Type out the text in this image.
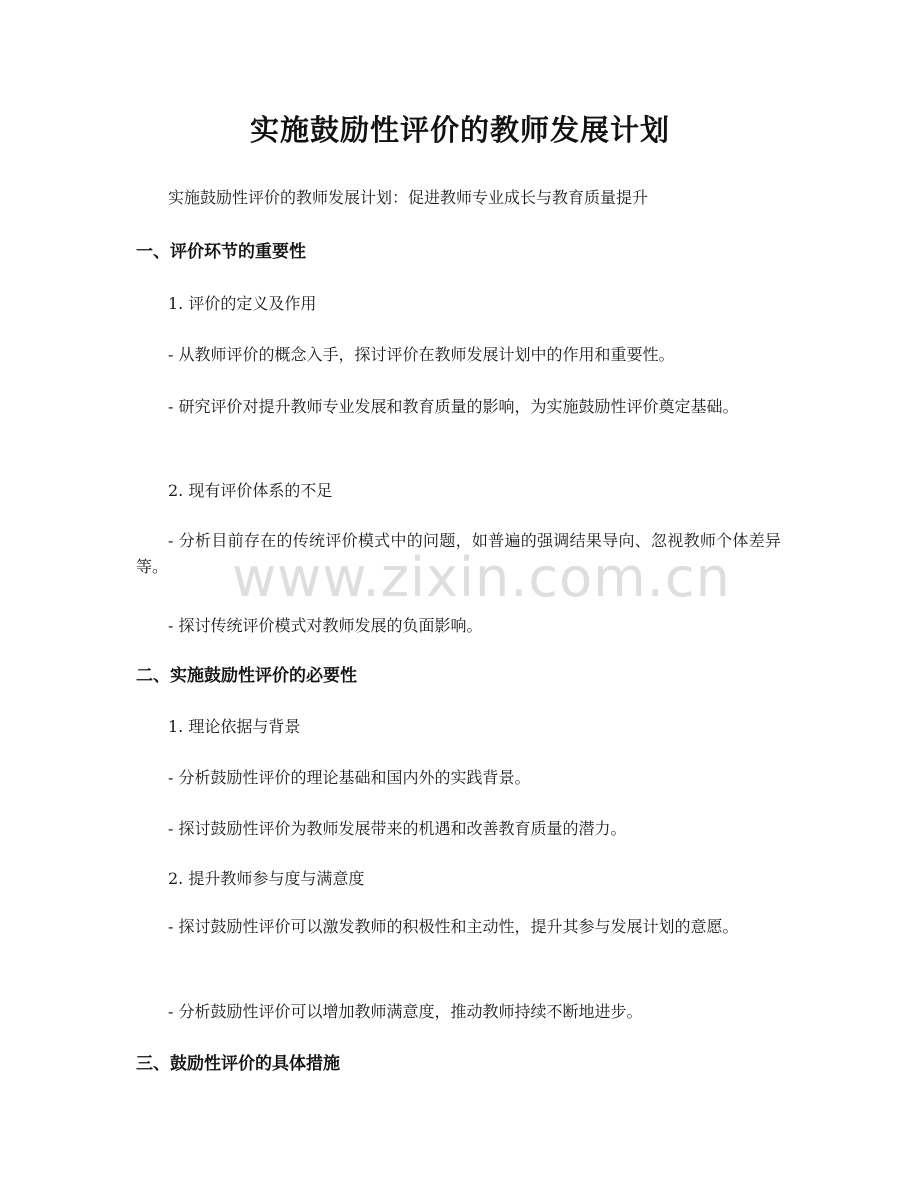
实施鼓励性评价的教师发展计划
实施鼓励性评价的教师发展计划：促进教师专业成长与教育质量提升
一、评价环节的重要性
1. 评价的定义及作用
- 从教师评价的概念入手，探讨评价在教师发展计划中的作用和重要性。
- 研究评价对提升教师专业发展和教育质量的影响，为实施鼓励性评价奠定基础。
2. 现有评价体系的不足
- 分析目前存在的传统评价模式中的问题，如普遍的强调结果导向、忽视教师个体差异等。
- 探讨传统评价模式对教师发展的负面影响。
二、实施鼓励性评价的必要性
1. 理论依据与背景
- 分析鼓励性评价的理论基础和国内外的实践背景。
- 探讨鼓励性评价为教师发展带来的机遇和改善教育质量的潜力。
2. 提升教师参与度与满意度
- 探讨鼓励性评价可以激发教师的积极性和主动性，提升其参与发展计划的意愿。
- 分析鼓励性评价可以增加教师满意度，推动教师持续不断地进步。
三、鼓励性评价的具体措施
www.zixin.com.cn
